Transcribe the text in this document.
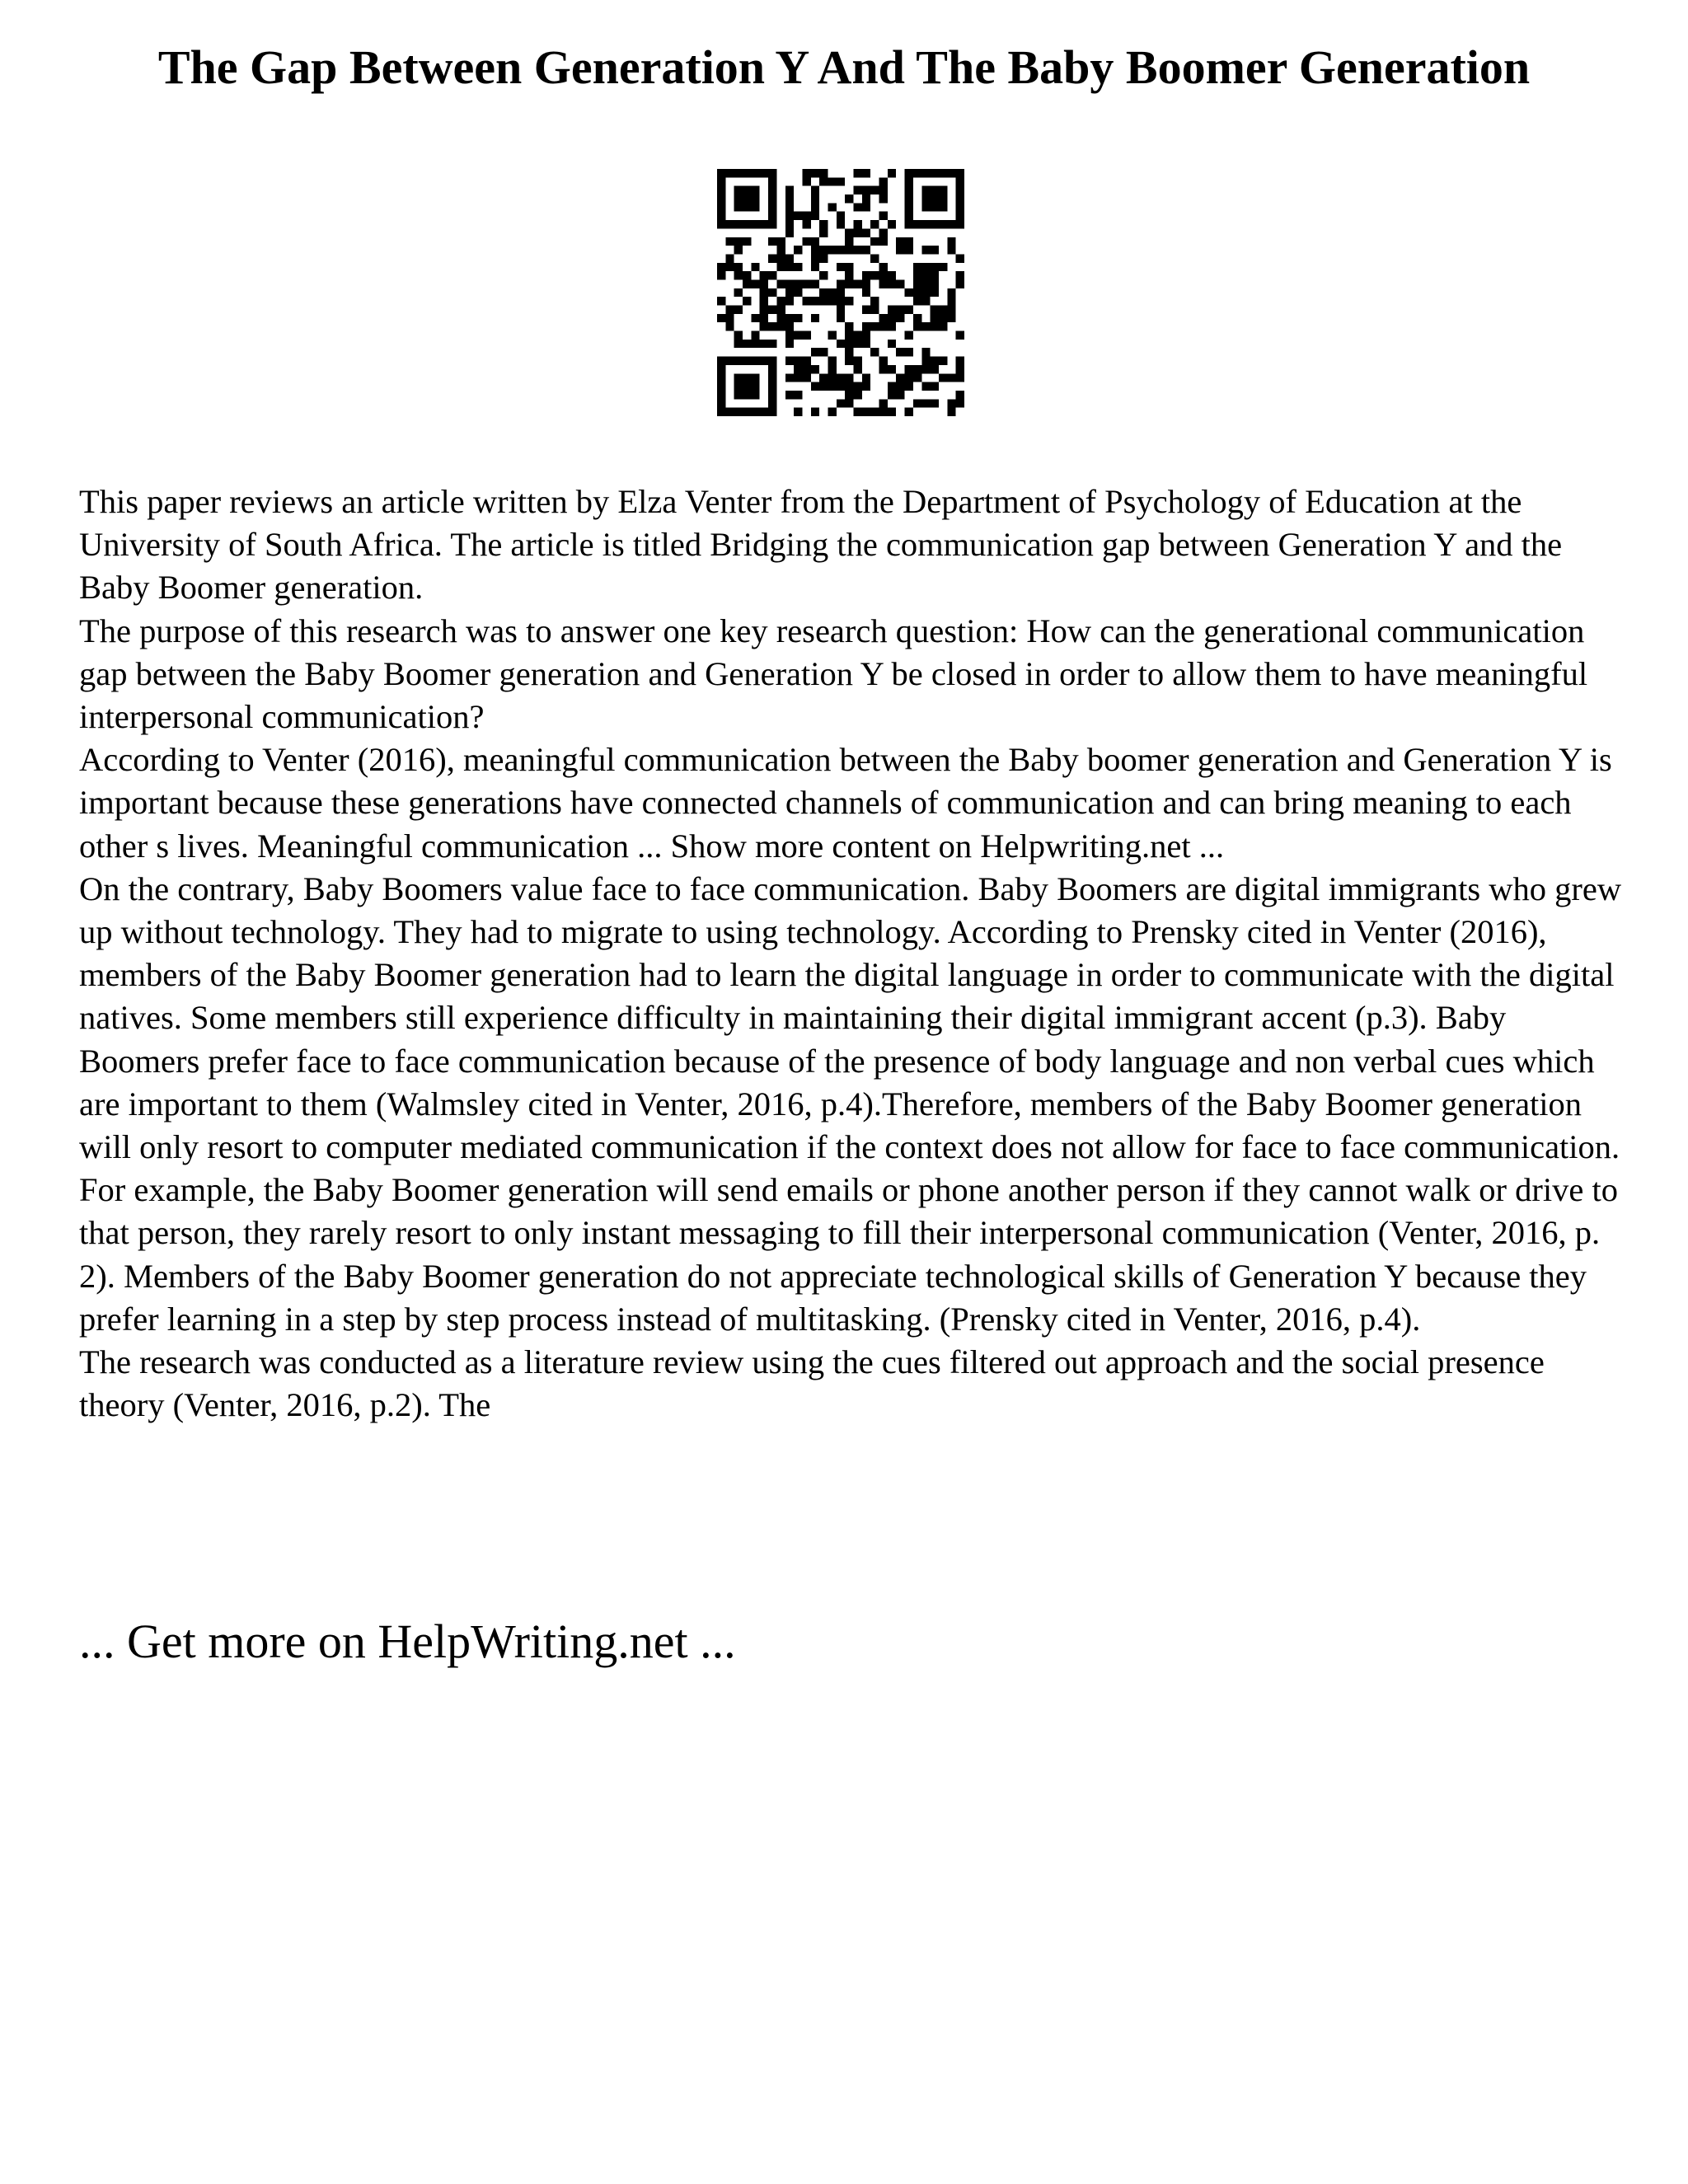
The Gap Between Generation Y And The Baby Boomer Generation

This paper reviews an article written by Elza Venter from the Department of Psychology of Education at the University of South Africa. The article is titled Bridging the communication gap between Generation Y and the Baby Boomer generation.

The purpose of this research was to answer one key research question: How can the generational communication gap between the Baby Boomer generation and Generation Y be closed in order to allow them to have meaningful interpersonal communication?

According to Venter (2016), meaningful communication between the Baby boomer generation and Generation Y is important because these generations have connected channels of communication and can bring meaning to each other s lives. Meaningful communication ... Show more content on Helpwriting.net ...

On the contrary, Baby Boomers value face to face communication. Baby Boomers are digital immigrants who grew up without technology. They had to migrate to using technology. According to Prensky cited in Venter (2016), members of the Baby Boomer generation had to learn the digital language in order to communicate with the digital natives. Some members still experience difficulty in maintaining their digital immigrant accent (p.3). Baby Boomers prefer face to face communication because of the presence of body language and non verbal cues which are important to them (Walmsley cited in Venter, 2016, p.4).Therefore, members of the Baby Boomer generation will only resort to computer mediated communication if the context does not allow for face to face communication. For example, the Baby Boomer generation will send emails or phone another person if they cannot walk or drive to that person, they rarely resort to only instant messaging to fill their interpersonal communication (Venter, 2016, p. 2). Members of the Baby Boomer generation do not appreciate technological skills of Generation Y because they prefer learning in a step by step process instead of multitasking. (Prensky cited in Venter, 2016, p.4).

The research was conducted as a literature review using the cues filtered out approach and the social presence theory (Venter, 2016, p.2). The

... Get more on HelpWriting.net ...
